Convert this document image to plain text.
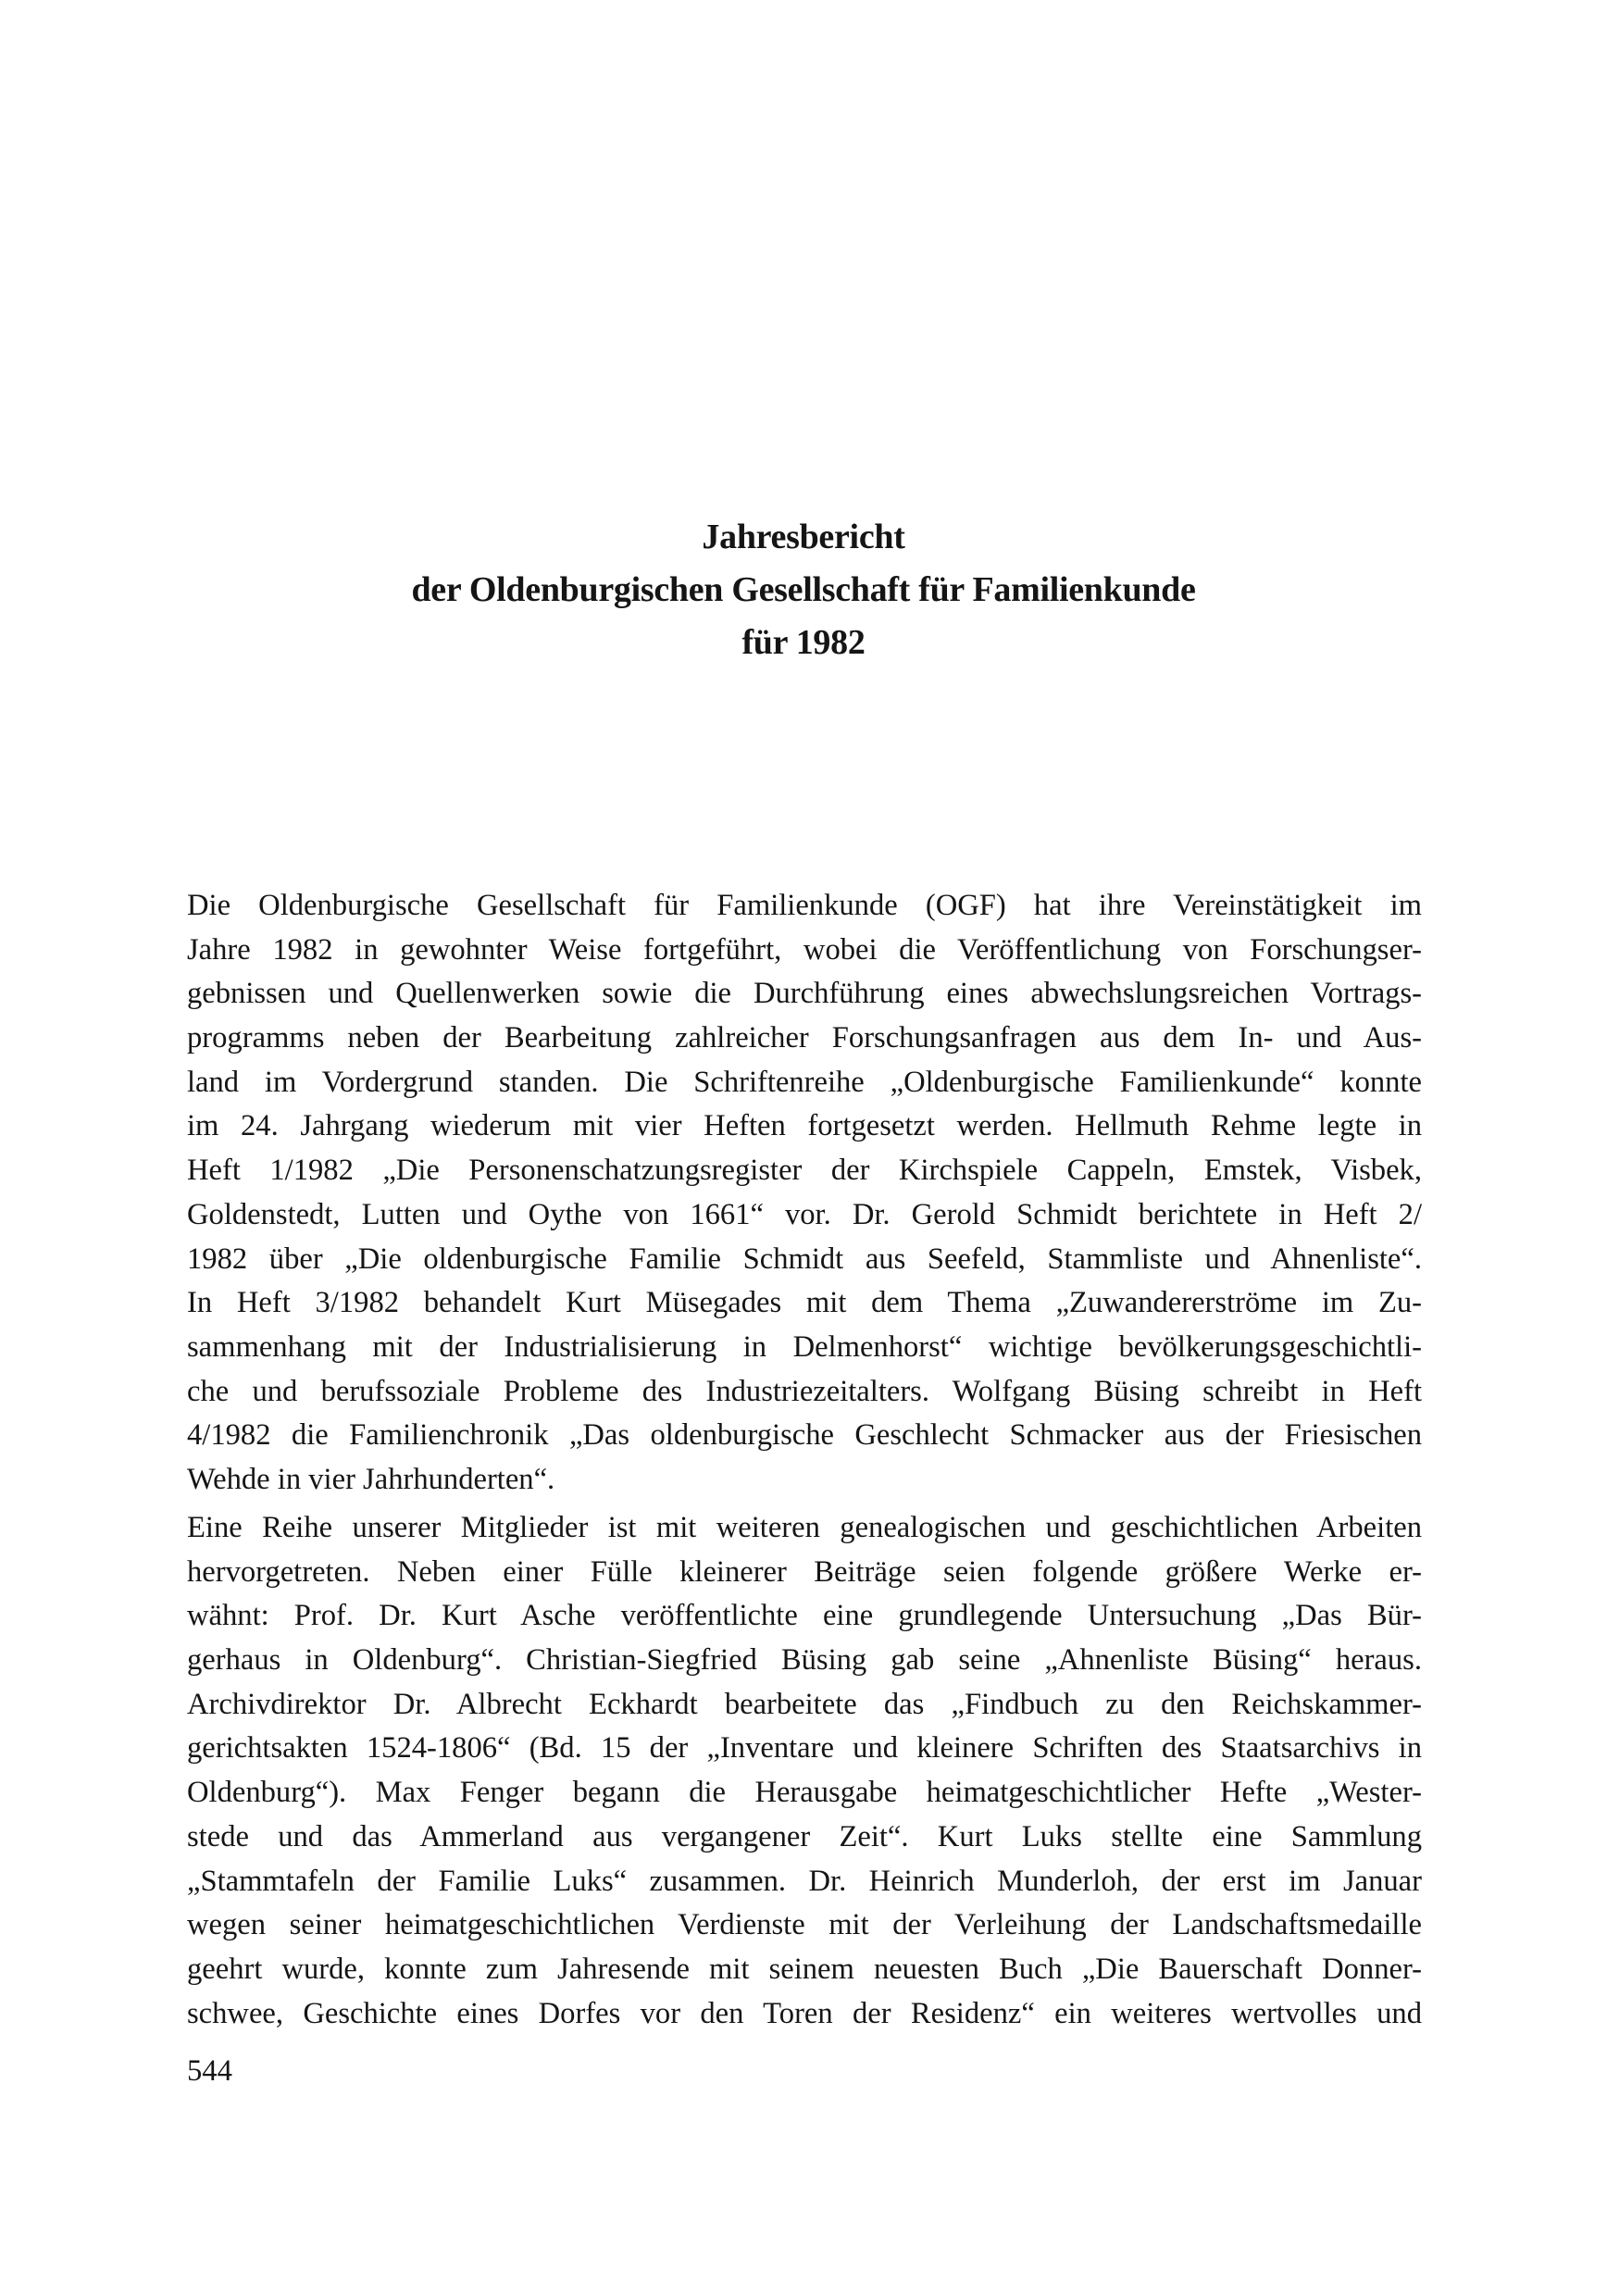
Jahresbericht
der Oldenburgischen Gesellschaft für Familienkunde
für 1982
Die Oldenburgische Gesellschaft für Familienkunde (OGF) hat ihre Vereinstätigkeit im
Jahre 1982 in gewohnter Weise fortgeführt, wobei die Veröffentlichung von Forschungser-
gebnissen und Quellenwerken sowie die Durchführung eines abwechslungsreichen Vortrags-
programms neben der Bearbeitung zahlreicher Forschungsanfragen aus dem In- und Aus-
land im Vordergrund standen. Die Schriftenreihe „Oldenburgische Familienkunde“ konnte
im 24. Jahrgang wiederum mit vier Heften fortgesetzt werden. Hellmuth Rehme legte in
Heft 1/1982 „Die Personenschatzungsregister der Kirchspiele Cappeln, Emstek, Visbek,
Goldenstedt, Lutten und Oythe von 1661“ vor. Dr. Gerold Schmidt berichtete in Heft 2/
1982 über „Die oldenburgische Familie Schmidt aus Seefeld, Stammliste und Ahnenliste“.
In Heft 3/1982 behandelt Kurt Müsegades mit dem Thema „Zuwandererströme im Zu-
sammenhang mit der Industrialisierung in Delmenhorst“ wichtige bevölkerungsgeschichtli-
che und berufssoziale Probleme des Industriezeitalters. Wolfgang Büsing schreibt in Heft
4/1982 die Familienchronik „Das oldenburgische Geschlecht Schmacker aus der Friesischen
Wehde in vier Jahrhunderten“.
Eine Reihe unserer Mitglieder ist mit weiteren genealogischen und geschichtlichen Arbeiten
hervorgetreten. Neben einer Fülle kleinerer Beiträge seien folgende größere Werke er-
wähnt: Prof. Dr. Kurt Asche veröffentlichte eine grundlegende Untersuchung „Das Bür-
gerhaus in Oldenburg“. Christian-Siegfried Büsing gab seine „Ahnenliste Büsing“ heraus.
Archivdirektor Dr. Albrecht Eckhardt bearbeitete das „Findbuch zu den Reichskammer-
gerichtsakten 1524-1806“ (Bd. 15 der „Inventare und kleinere Schriften des Staatsarchivs in
Oldenburg“). Max Fenger begann die Herausgabe heimatgeschichtlicher Hefte „Wester-
stede und das Ammerland aus vergangener Zeit“. Kurt Luks stellte eine Sammlung
„Stammtafeln der Familie Luks“ zusammen. Dr. Heinrich Munderloh, der erst im Januar
wegen seiner heimatgeschichtlichen Verdienste mit der Verleihung der Landschaftsmedaille
geehrt wurde, konnte zum Jahresende mit seinem neuesten Buch „Die Bauerschaft Donner-
schwee, Geschichte eines Dorfes vor den Toren der Residenz“ ein weiteres wertvolles und
544
